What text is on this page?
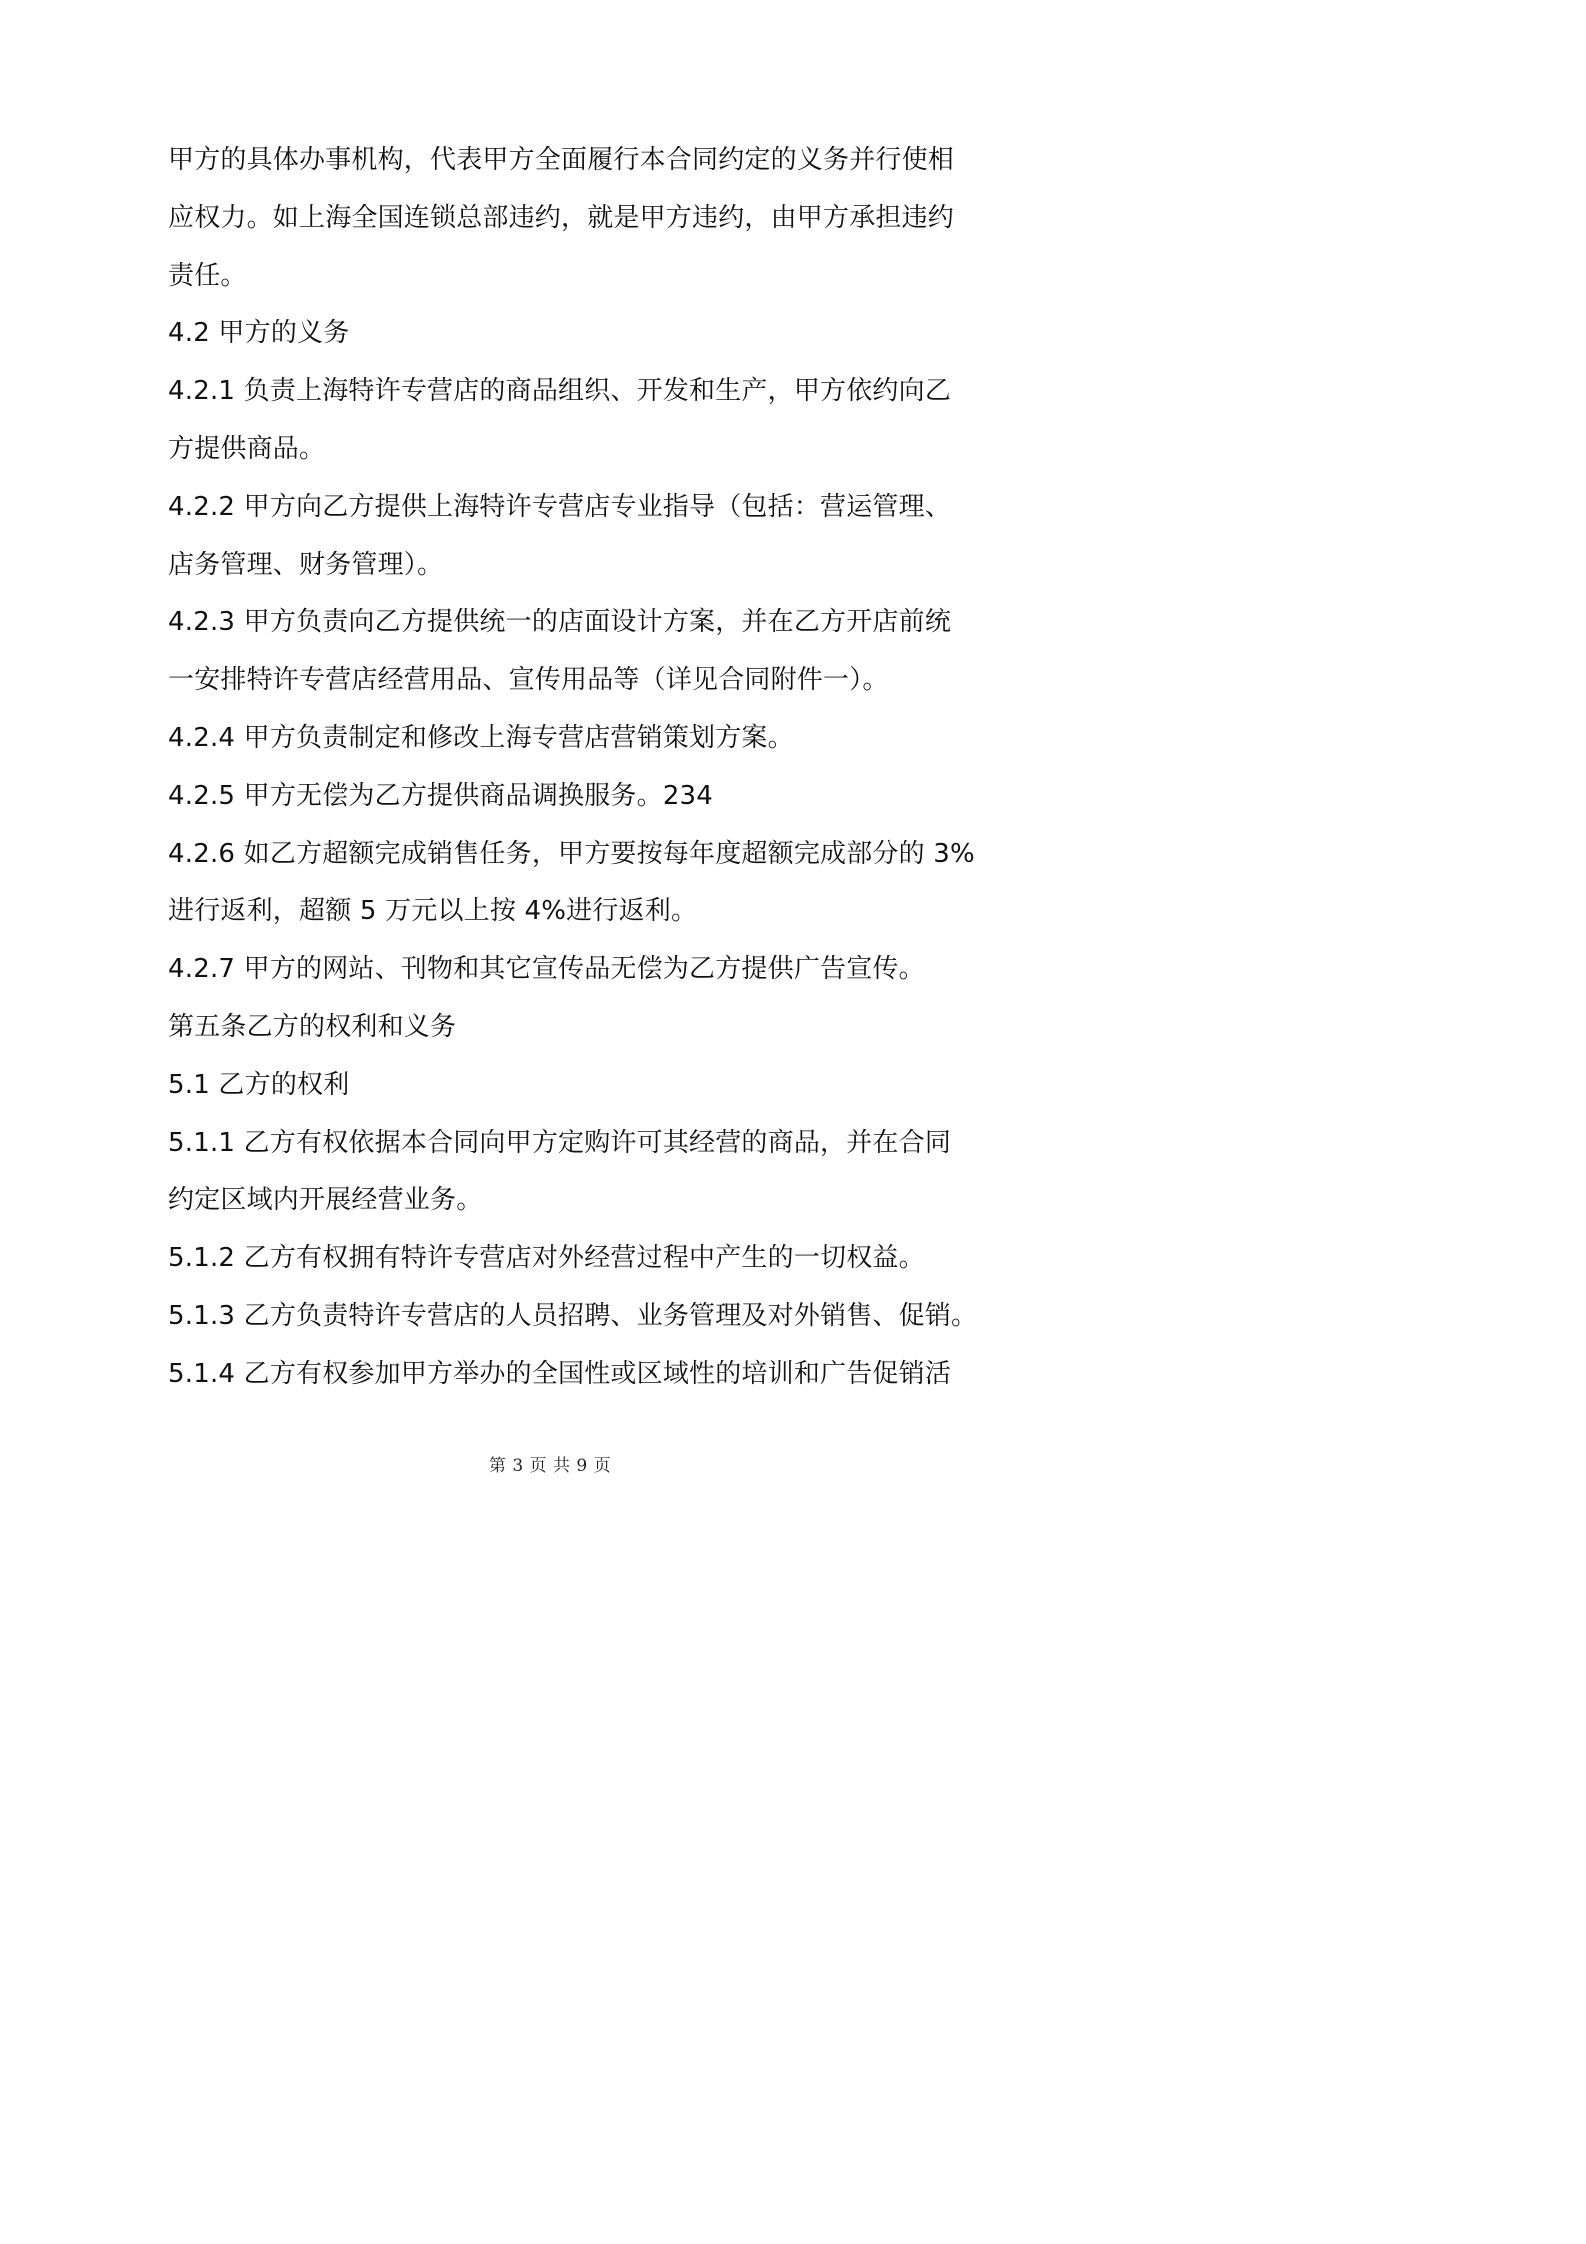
甲方的具体办事机构，代表甲方全面履行本合同约定的义务并行使相
应权力。如上海全国连锁总部违约，就是甲方违约，由甲方承担违约
责任。
4.2 甲方的义务
4.2.1 负责上海特许专营店的商品组织、开发和生产，甲方依约向乙
方提供商品。
4.2.2 甲方向乙方提供上海特许专营店专业指导（包括：营运管理、
店务管理、财务管理）。
4.2.3 甲方负责向乙方提供统一的店面设计方案，并在乙方开店前统
一安排特许专营店经营用品、宣传用品等（详见合同附件一）。
4.2.4 甲方负责制定和修改上海专营店营销策划方案。
4.2.5 甲方无偿为乙方提供商品调换服务。234
4.2.6 如乙方超额完成销售任务，甲方要按每年度超额完成部分的 3%
进行返利，超额 5 万元以上按 4%进行返利。
4.2.7 甲方的网站、刊物和其它宣传品无偿为乙方提供广告宣传。
第五条乙方的权利和义务
5.1 乙方的权利
5.1.1 乙方有权依据本合同向甲方定购许可其经营的商品，并在合同
约定区域内开展经营业务。
5.1.2 乙方有权拥有特许专营店对外经营过程中产生的一切权益。
5.1.3 乙方负责特许专营店的人员招聘、业务管理及对外销售、促销。
5.1.4 乙方有权参加甲方举办的全国性或区域性的培训和广告促销活
第 3 页 共 9 页
